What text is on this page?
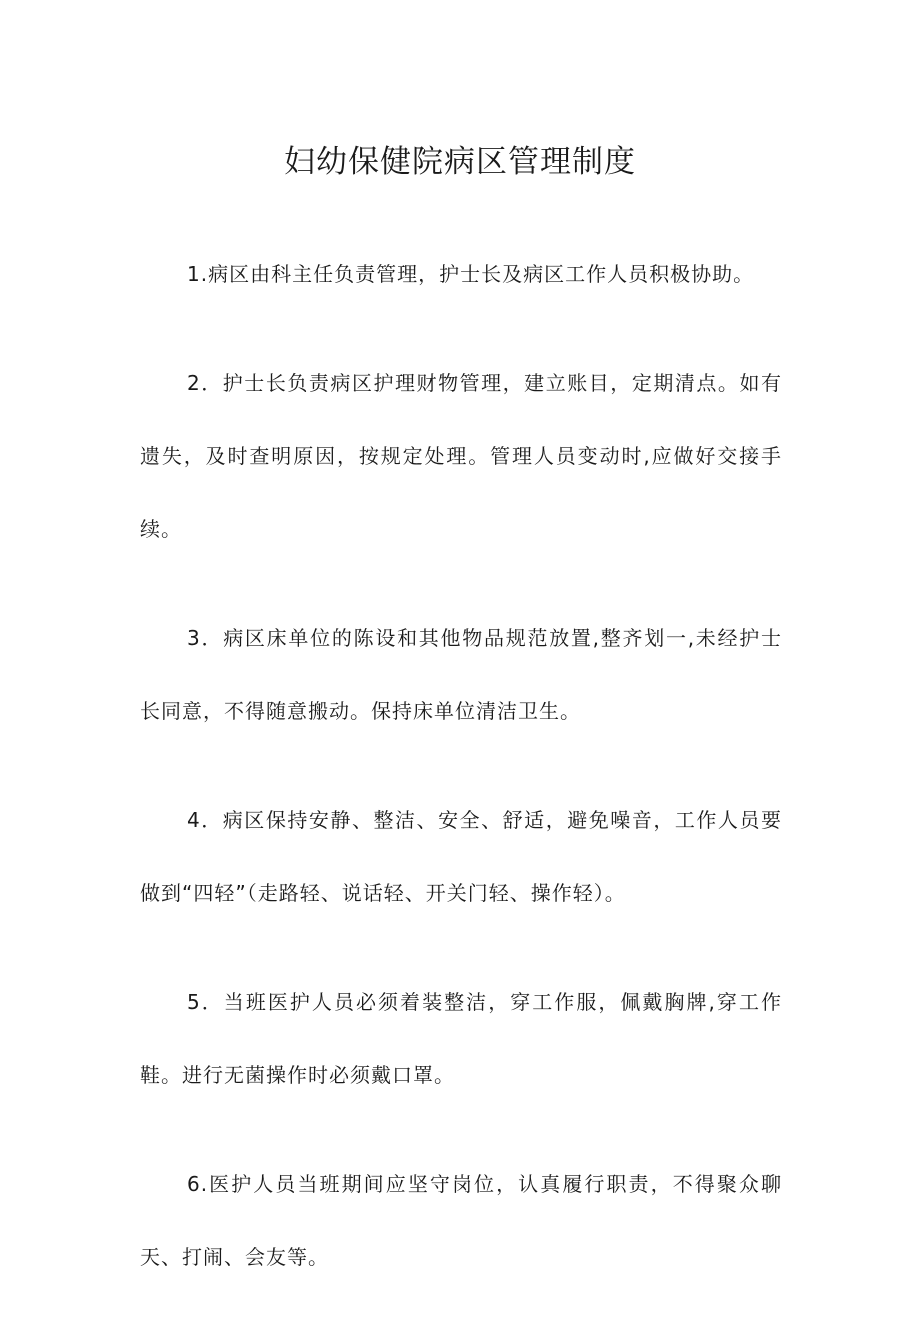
妇幼保健院病区管理制度

1.病区由科主任负责管理，护士长及病区工作人员积极协助。

2．护士长负责病区护理财物管理，建立账目，定期清点。如有遗失，及时查明原因，按规定处理。管理人员变动时,应做好交接手续。

3．病区床单位的陈设和其他物品规范放置,整齐划一,未经护士长同意，不得随意搬动。保持床单位清洁卫生。

4．病区保持安静、整洁、安全、舒适，避免噪音，工作人员要做到“四轻”（走路轻、说话轻、开关门轻、操作轻）。

5．当班医护人员必须着装整洁，穿工作服，佩戴胸牌,穿工作鞋。进行无菌操作时必须戴口罩。

6.医护人员当班期间应坚守岗位，认真履行职责，不得聚众聊天、打闹、会友等。
